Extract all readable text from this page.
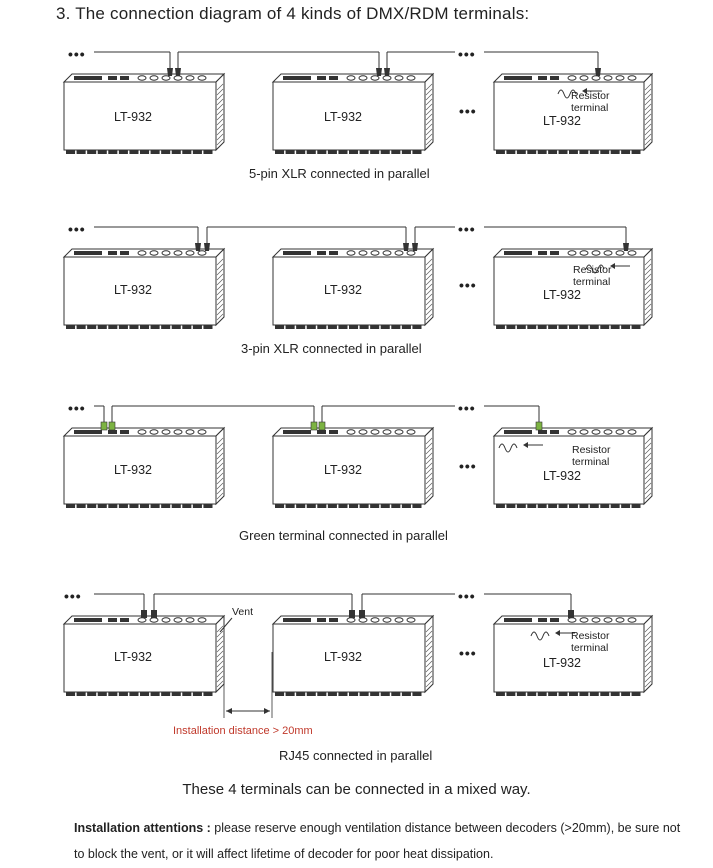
3. The connection diagram of 4 kinds of DMX/RDM terminals:
•••	•••
•••
LT-932	LT-932	LT-932
Resistor
terminal
5-pin XLR connected in parallel
•••	•••
•••
LT-932	LT-932	LT-932
Resistor
terminal
3-pin XLR connected in parallel
•••	•••
•••
LT-932	LT-932	LT-932
Resistor
terminal
Green terminal connected in parallel
•••	•••
•••
LT-932	LT-932	LT-932
Resistor
terminal
Vent
Installation distance > 20mm
RJ45 connected in parallel
These 4 terminals can be connected in a mixed way.
Installation attentions : please reserve enough ventilation distance between decoders (>20mm), be sure not to block the vent, or it will affect lifetime of decoder for poor heat dissipation.
